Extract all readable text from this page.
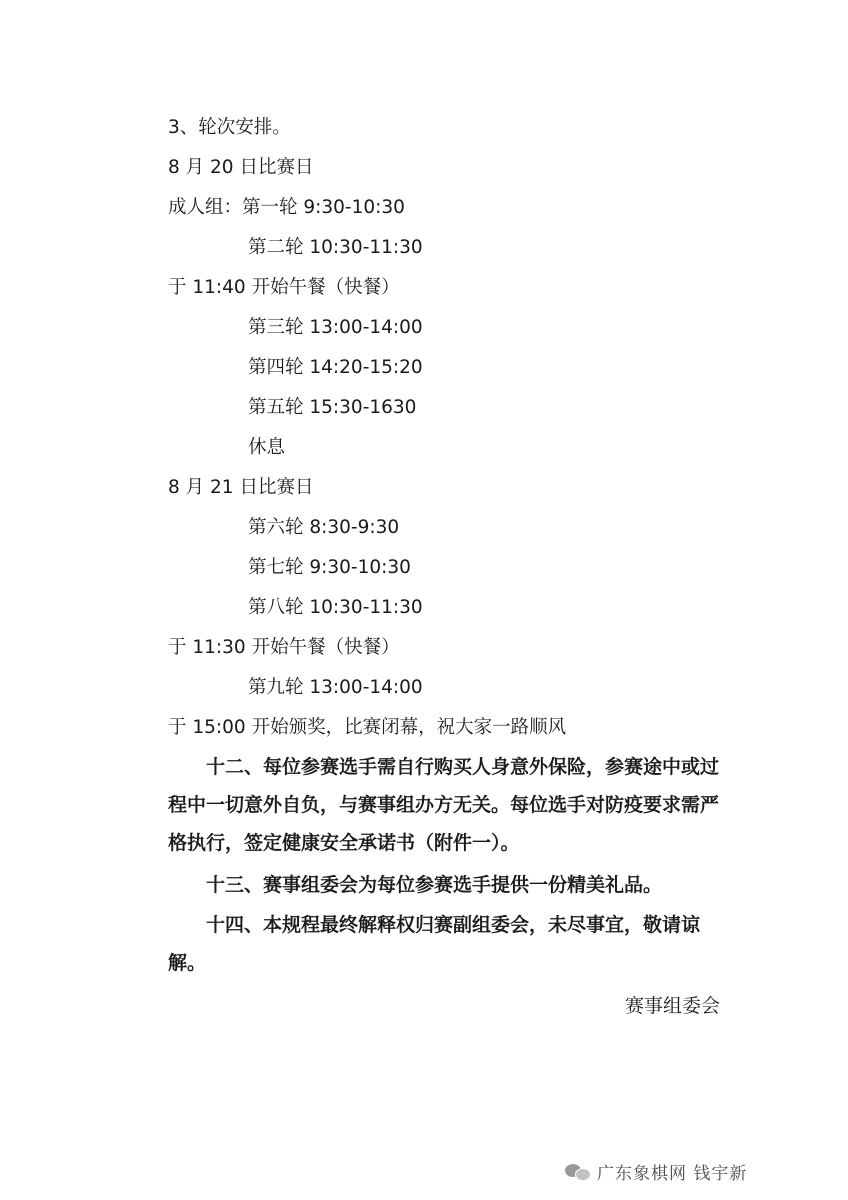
3、轮次安排。
8 月 20 日比赛日
成人组：第一轮 9:30-10:30
第二轮 10:30-11:30
于 11:40 开始午餐（快餐）
第三轮 13:00-14:00
第四轮 14:20-15:20
第五轮 15:30-1630
休息
8 月 21 日比赛日
第六轮 8:30-9:30
第七轮 9:30-10:30
第八轮 10:30-11:30
于 11:30 开始午餐（快餐）
第九轮 13:00-14:00
于 15:00 开始颁奖，比赛闭幕，祝大家一路顺风

十二、每位参赛选手需自行购买人身意外保险，参赛途中或过程中一切意外自负，与赛事组办方无关。每位选手对防疫要求需严格执行，签定健康安全承诺书（附件一）。

十三、赛事组委会为每位参赛选手提供一份精美礼品。

十四、本规程最终解释权归赛副组委会，未尽事宜，敬请谅解。

赛事组委会
广东象棋网 钱宇新
